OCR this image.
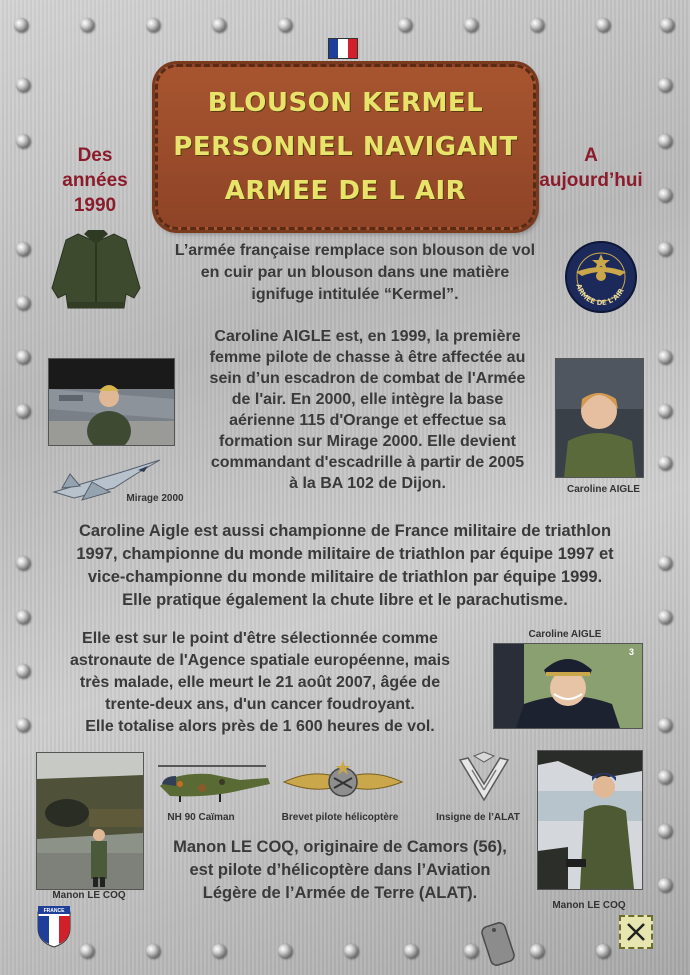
BLOUSON KERMEL
PERSONNEL NAVIGANT
ARMEE DE L AIR
Des
années
1990
A
aujourd’hui
L’armée française remplace son blouson de vol
en cuir par un blouson dans une matière
ignifuge intitulée “Kermel”.	ARMEE DE L'AIR
Mirage 2000
Caroline AIGLE est, en 1999, la première
femme pilote de chasse à être affectée au
sein d’un escadron de combat de l'Armée
de l'air. En 2000, elle intègre la base
aérienne 115 d'Orange et effectue sa
formation sur Mirage 2000. Elle devient
commandant d'escadrille à partir de 2005
à la BA 102 de Dijon.	Caroline AIGLE
Caroline Aigle est aussi championne de France militaire de triathlon
1997, championne du monde militaire de triathlon par équipe 1997 et
vice-championne du monde militaire de triathlon par équipe 1999.
Elle pratique également la chute libre et le parachutisme.
Elle est sur le point d'être sélectionnée comme
astronaute de l'Agence spatiale européenne, mais
très malade, elle meurt le 21 août 2007, âgée de
trente-deux ans, d'un cancer foudroyant.
Elle totalise alors près de 1 600 heures de vol.
Caroline AIGLE
3
Manon LE COQ
NH 90 Caïman	Brevet pilote hélicoptère	Insigne de l’ALAT
Manon LE COQ
Manon LE COQ, originaire de Camors (56),
est pilote d’hélicoptère dans l’Aviation
Légère de l’Armée de Terre (ALAT).
FRANCE
